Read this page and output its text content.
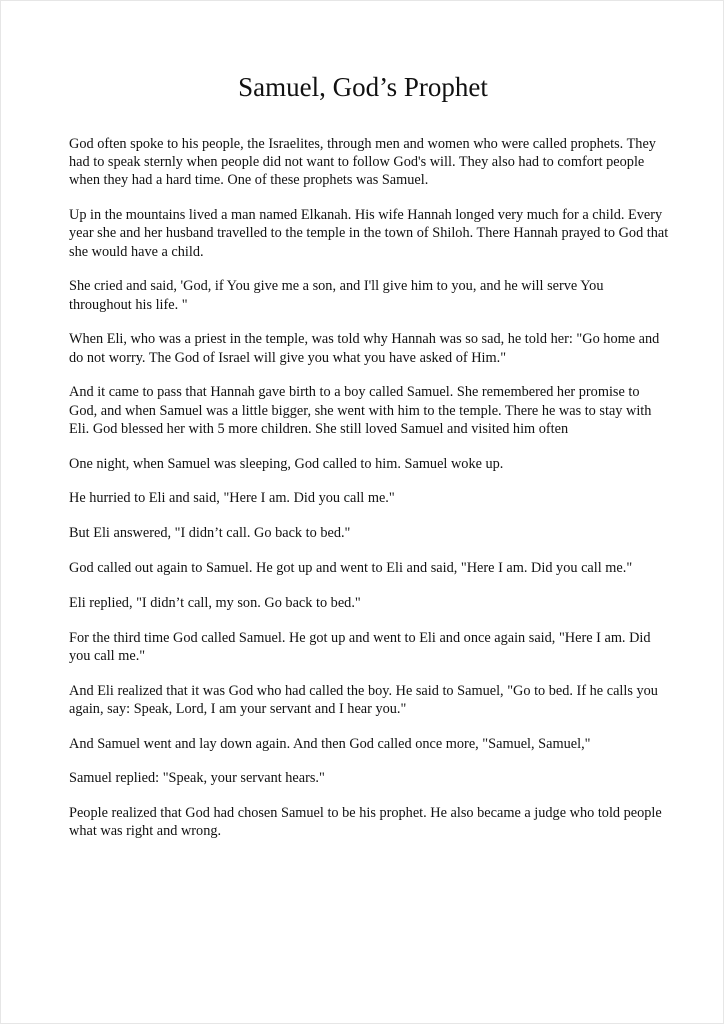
Samuel, God’s Prophet

God often spoke to his people, the Israelites, through men and women who were called prophets. They had to speak sternly when people did not want to follow God's will. They also had to comfort people when they had a hard time. One of these prophets was Samuel.

Up in the mountains lived a man named Elkanah. His wife Hannah longed very much for a child. Every year she and her husband travelled to the temple in the town of Shiloh. There Hannah prayed to God that she would have a child.

She cried and said, 'God, if You give me a son, and I'll give him to you, and he will serve You throughout his life. "

When Eli, who was a priest in the temple, was told why Hannah was so sad, he told her: "Go home and do not worry. The God of Israel will give you what you have asked of Him."

And it came to pass that Hannah gave birth to a boy called Samuel. She remembered her promise to God, and when Samuel was a little bigger, she went with him to the temple. There he was to stay with Eli. God blessed her with 5 more children. She still loved Samuel and visited him often

One night, when Samuel was sleeping, God called to him. Samuel woke up.

He hurried to Eli and said, "Here I am. Did you call me."

But Eli answered, "I didn’t call. Go back to bed."

God called out again to Samuel. He got up and went to Eli and said, "Here I am. Did you call me."

Eli replied, "I didn’t call, my son. Go back to bed."

For the third time God called Samuel. He got up and went to Eli and once again said, "Here I am. Did you call me."

And Eli realized that it was God who had called the boy. He said to Samuel, "Go to bed. If he calls you again, say: Speak, Lord, I am your servant and I hear you."

And Samuel went and lay down again. And then God called once more, "Samuel, Samuel,"

Samuel replied: "Speak, your servant hears."

People realized that God had chosen Samuel to be his prophet. He also became a judge who told people what was right and wrong.
